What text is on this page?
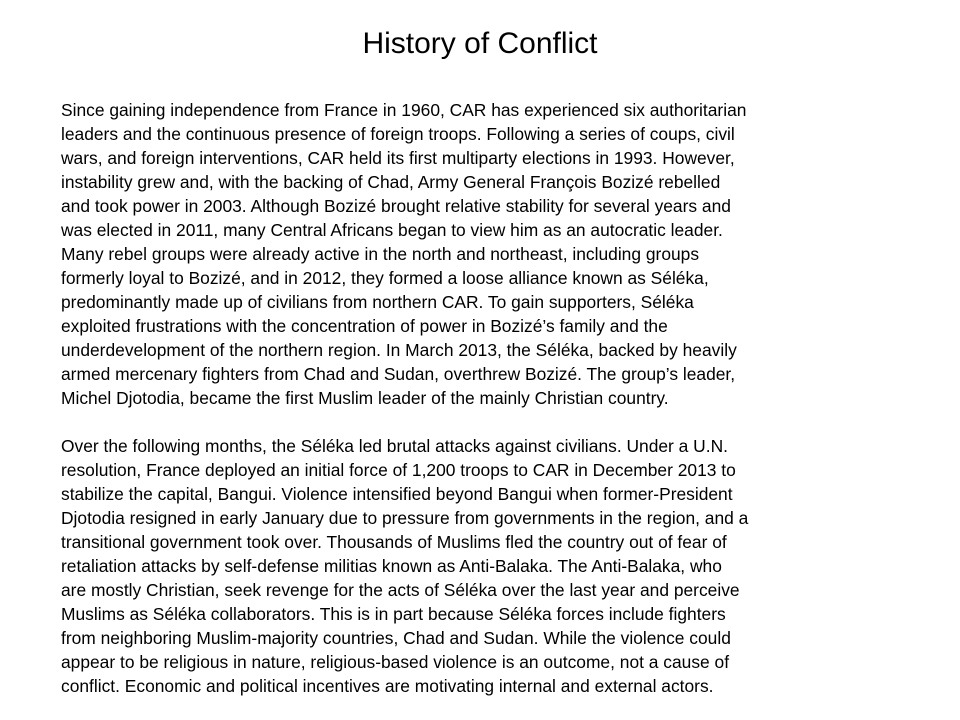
History of Conflict

Since gaining independence from France in 1960, CAR has experienced six authoritarian
leaders and the continuous presence of foreign troops. Following a series of coups, civil
wars, and foreign interventions, CAR held its first multiparty elections in 1993. However,
instability grew and, with the backing of Chad, Army General François Bozizé rebelled
and took power in 2003. Although Bozizé brought relative stability for several years and
was elected in 2011, many Central Africans began to view him as an autocratic leader.
Many rebel groups were already active in the north and northeast, including groups
formerly loyal to Bozizé, and in 2012, they formed a loose alliance known as Séléka,
predominantly made up of civilians from northern CAR. To gain supporters, Séléka
exploited frustrations with the concentration of power in Bozizé’s family and the
underdevelopment of the northern region. In March 2013, the Séléka, backed by heavily
armed mercenary fighters from Chad and Sudan, overthrew Bozizé. The group’s leader,
Michel Djotodia, became the first Muslim leader of the mainly Christian country.

Over the following months, the Séléka led brutal attacks against civilians. Under a U.N.
resolution, France deployed an initial force of 1,200 troops to CAR in December 2013 to
stabilize the capital, Bangui. Violence intensified beyond Bangui when former-President
Djotodia resigned in early January due to pressure from governments in the region, and a
transitional government took over. Thousands of Muslims fled the country out of fear of
retaliation attacks by self-defense militias known as Anti-Balaka. The Anti-Balaka, who
are mostly Christian, seek revenge for the acts of Séléka over the last year and perceive
Muslims as Séléka collaborators. This is in part because Séléka forces include fighters
from neighboring Muslim-majority countries, Chad and Sudan. While the violence could
appear to be religious in nature, religious-based violence is an outcome, not a cause of
conflict. Economic and political incentives are motivating internal and external actors.
